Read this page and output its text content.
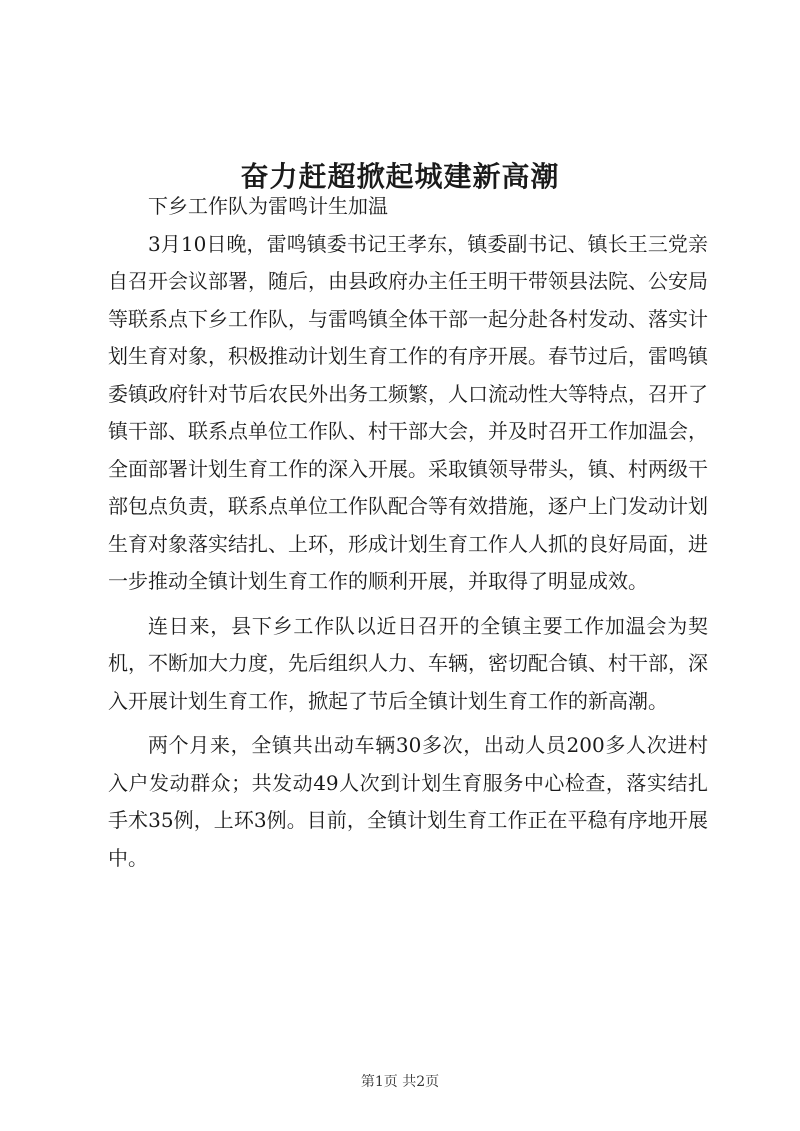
奋力赶超掀起城建新高潮

下乡工作队为雷鸣计生加温

3月10日晚，雷鸣镇委书记王孝东，镇委副书记、镇长王三党亲自召开会议部署，随后，由县政府办主任王明干带领县法院、公安局等联系点下乡工作队，与雷鸣镇全体干部一起分赴各村发动、落实计划生育对象，积极推动计划生育工作的有序开展。春节过后，雷鸣镇委镇政府针对节后农民外出务工频繁，人口流动性大等特点，召开了镇干部、联系点单位工作队、村干部大会，并及时召开工作加温会，全面部署计划生育工作的深入开展。采取镇领导带头，镇、村两级干部包点负责，联系点单位工作队配合等有效措施，逐户上门发动计划生育对象落实结扎、上环，形成计划生育工作人人抓的良好局面，进一步推动全镇计划生育工作的顺利开展，并取得了明显成效。

连日来，县下乡工作队以近日召开的全镇主要工作加温会为契机，不断加大力度，先后组织人力、车辆，密切配合镇、村干部，深入开展计划生育工作，掀起了节后全镇计划生育工作的新高潮。

两个月来，全镇共出动车辆30多次，出动人员200多人次进村入户发动群众；共发动49人次到计划生育服务中心检查，落实结扎手术35例，上环3例。目前，全镇计划生育工作正在平稳有序地开展中。

第1页 共2页
